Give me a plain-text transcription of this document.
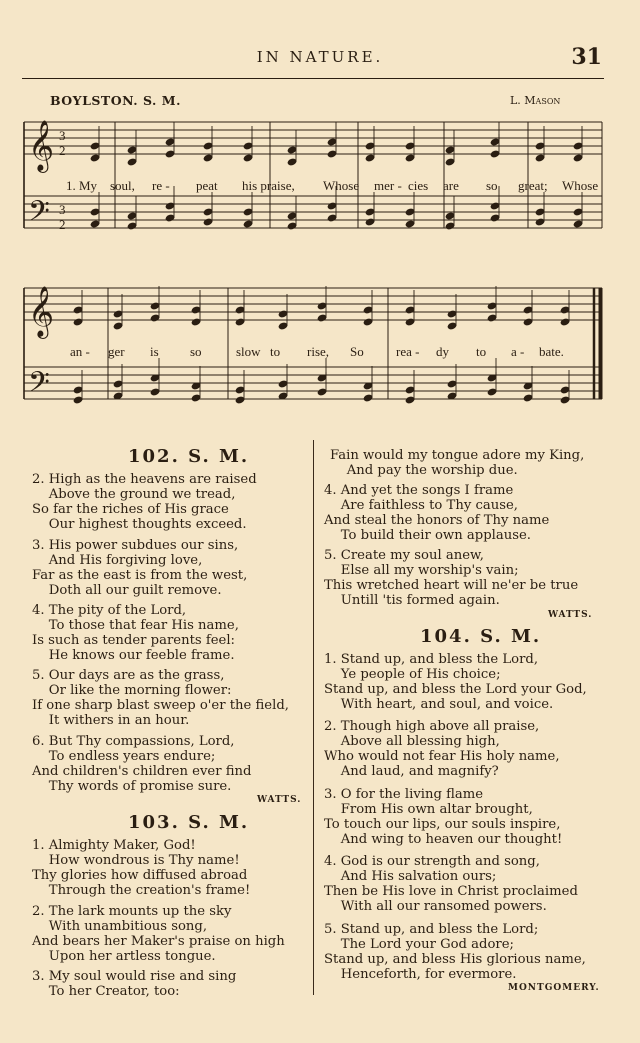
IN NATURE.	31
BOYLSTON. S. M.	L. Mason
𝄞
𝄢
𝄞
𝄢
3
2
3
2
1. My soul, re - peat his praise, Whose mer - cies are so great; Whose
an - ger is so	slow to rise, So rea - dy to a - bate.
102. S. M.
2. High as the heavens are raised
Above the ground we tread,
So far the riches of His grace
Our highest thoughts exceed.
3. His power subdues our sins,
And His forgiving love,
Far as the east is from the west,
Doth all our guilt remove.
4. The pity of the Lord,
To those that fear His name,
Is such as tender parents feel:
He knows our feeble frame.
5. Our days are as the grass,
Or like the morning flower:
If one sharp blast sweep o'er the field,
It withers in an hour.
6. But Thy compassions, Lord,
To endless years endure;
And children's children ever find
Thy words of promise sure.
WATTS.
103. S. M.
1. Almighty Maker, God!
How wondrous is Thy name!
Thy glories how diffused abroad
Through the creation's frame!
2. The lark mounts up the sky
With unambitious song,
And bears her Maker's praise on high
Upon her artless tongue.
3. My soul would rise and sing
To her Creator, too:
Fain would my tongue adore my King,
And pay the worship due.
4. And yet the songs I frame
Are faithless to Thy cause,
And steal the honors of Thy name
To build their own applause.
5. Create my soul anew,
Else all my worship's vain;
This wretched heart will ne'er be true
Untill 'tis formed again.
WATTS.
104. S. M.
1. Stand up, and bless the Lord,
Ye people of His choice;
Stand up, and bless the Lord your God,
With heart, and soul, and voice.
2. Though high above all praise,
Above all blessing high,
Who would not fear His holy name,
And laud, and magnify?
3. O for the living flame
From His own altar brought,
To touch our lips, our souls inspire,
And wing to heaven our thought!
4. God is our strength and song,
And His salvation ours;
Then be His love in Christ proclaimed
With all our ransomed powers.
5. Stand up, and bless the Lord;
The Lord your God adore;
Stand up, and bless His glorious name,
Henceforth, for evermore.
MONTGOMERY.
